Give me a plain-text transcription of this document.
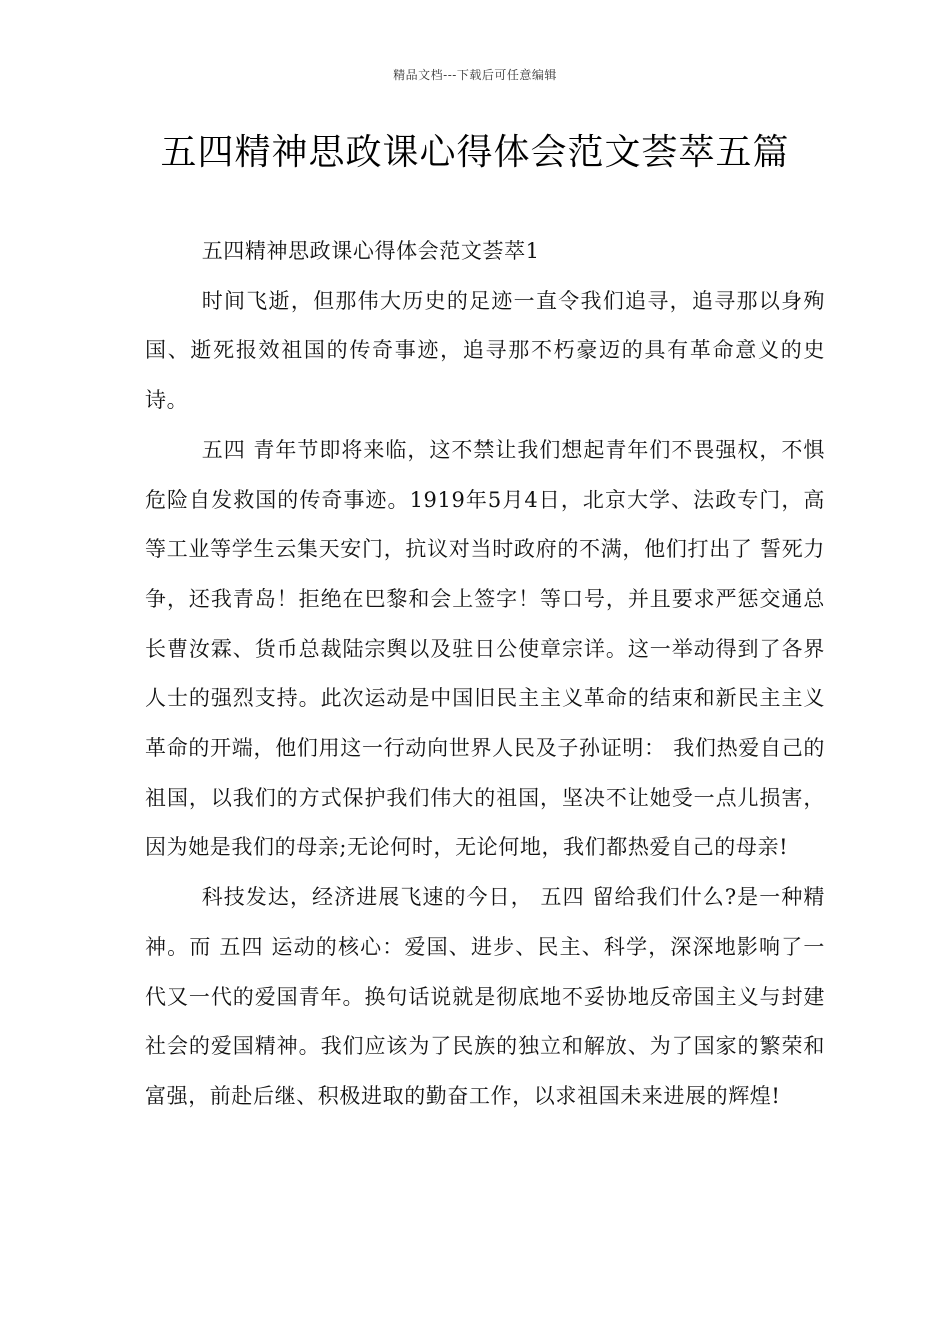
精品文档---下载后可任意编辑
五四精神思政课心得体会范文荟萃五篇

五四精神思政课心得体会范文荟萃1

时间飞逝，但那伟大历史的足迹一直令我们追寻，追寻那以身殉国、逝死报效祖国的传奇事迹，追寻那不朽豪迈的具有革命意义的史诗。

五四 青年节即将来临，这不禁让我们想起青年们不畏强权，不惧危险自发救国的传奇事迹。1919年5月4日，北京大学、法政专门，高等工业等学生云集天安门，抗议对当时政府的不满，他们打出了 誓死力争，还我青岛！拒绝在巴黎和会上签字！等口号，并且要求严惩交通总长曹汝霖、货币总裁陆宗舆以及驻日公使章宗详。这一举动得到了各界人士的强烈支持。此次运动是中国旧民主主义革命的结束和新民主主义革命的开端，他们用这一行动向世界人民及子孙证明： 我们热爱自己的祖国，以我们的方式保护我们伟大的祖国，坚决不让她受一点儿损害，因为她是我们的母亲;无论何时，无论何地，我们都热爱自己的母亲!

科技发达，经济进展飞速的今日， 五四 留给我们什么?是一种精神。而 五四 运动的核心：爱国、进步、民主、科学，深深地影响了一代又一代的爱国青年。换句话说就是彻底地不妥协地反帝国主义与封建社会的爱国精神。我们应该为了民族的独立和解放、为了国家的繁荣和富强，前赴后继、积极进取的勤奋工作，以求祖国未来进展的辉煌!
